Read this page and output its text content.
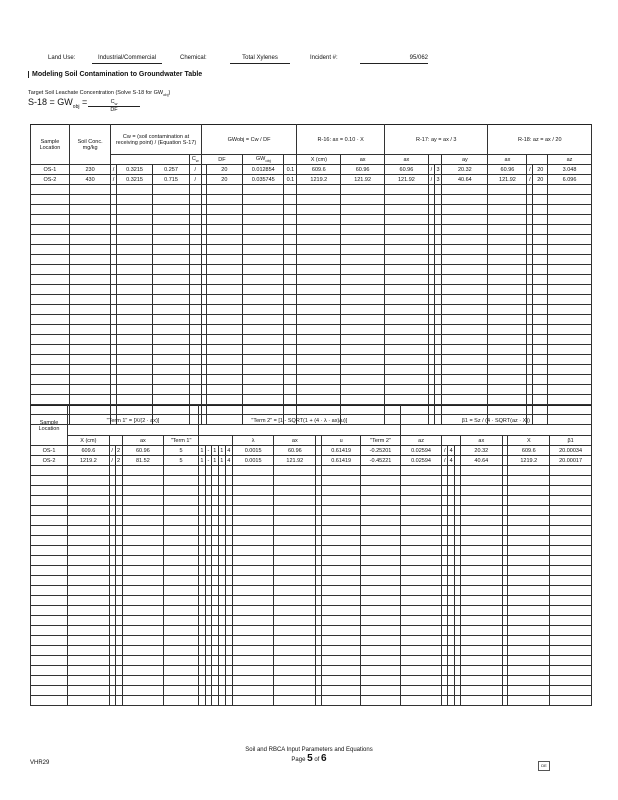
Land Use:	Industrial/Commercial	Chemical:	Total Xylenes	Incident #:	95/062
Modeling Soil Contamination to Groundwater Table
Target Soil Leachate Concentration (Solve S-18 for $GW_{obj}$)
$S-18 = GW_{obj} = \frac{C_w}{DF}$
Sample Location	Soil Conc. mg/kg	Cw = (soil contamination at receiving point) / (Equation S-17)				GWobj = Cw / DF				R-16: ax = 0.10 · X		R-17: ay = ax / 3				R-18: az = ax / 20			
					$C_w$	DF		$GW_{obj}$		X (cm)	ax	ax			ay	ax			az
OS-1	230	/	0.3215	0.257	/		20	0.012854	0.1	609.6	60.96	60.96	/	3	20.32	60.96	/	20	3.048
OS-2	430	/	0.3215	0.715	/		20	0.035745	0.1	1219.2	121.92	121.92	/	3	40.64	121.92	/	20	6.096

Sample Location	"Term 1" = [X/(2 · ax)]					"Term 2" = [1 - SQRT(1 + (4 · λ · ax)/u)]										β1 = Sz / (4 · SQRT(az · X))							
	X (cm)			ax	"Term 1"						λ	ax		u	"Term 2"	az				ax		X	β1
OS-1	609.6	/	2	60.96	5	1	-	1	1	4	0.0015	60.96		0.61419	-0.25201	0.02594	/	4		20.32		609.6	20.00034
OS-2	1219.2	/	2	81.52	5	1	-	1	1	4	0.0015	121.92		0.61419	-0.45221	0.02594	/	4		40.64		1219.2	20.00017

VHR29
Soil and RBCA Input Parameters and Equations
Page 5 of 6
DE
